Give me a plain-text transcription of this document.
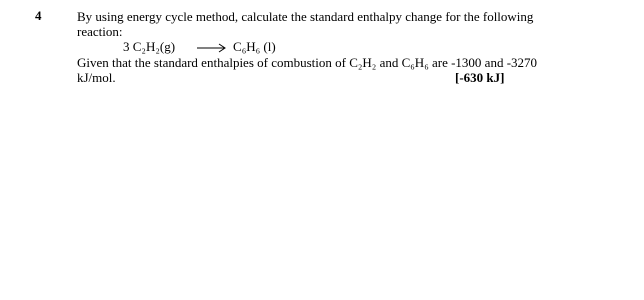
4	By using energy cycle method, calculate the standard enthalpy change for the following
reaction:
3 C₂H₂(g)	C₆H₆ (l)
Given that the standard enthalpies of combustion of C₂H₂ and C₆H₆ are -1300 and -3270
kJ/mol.	[-630 kJ]
